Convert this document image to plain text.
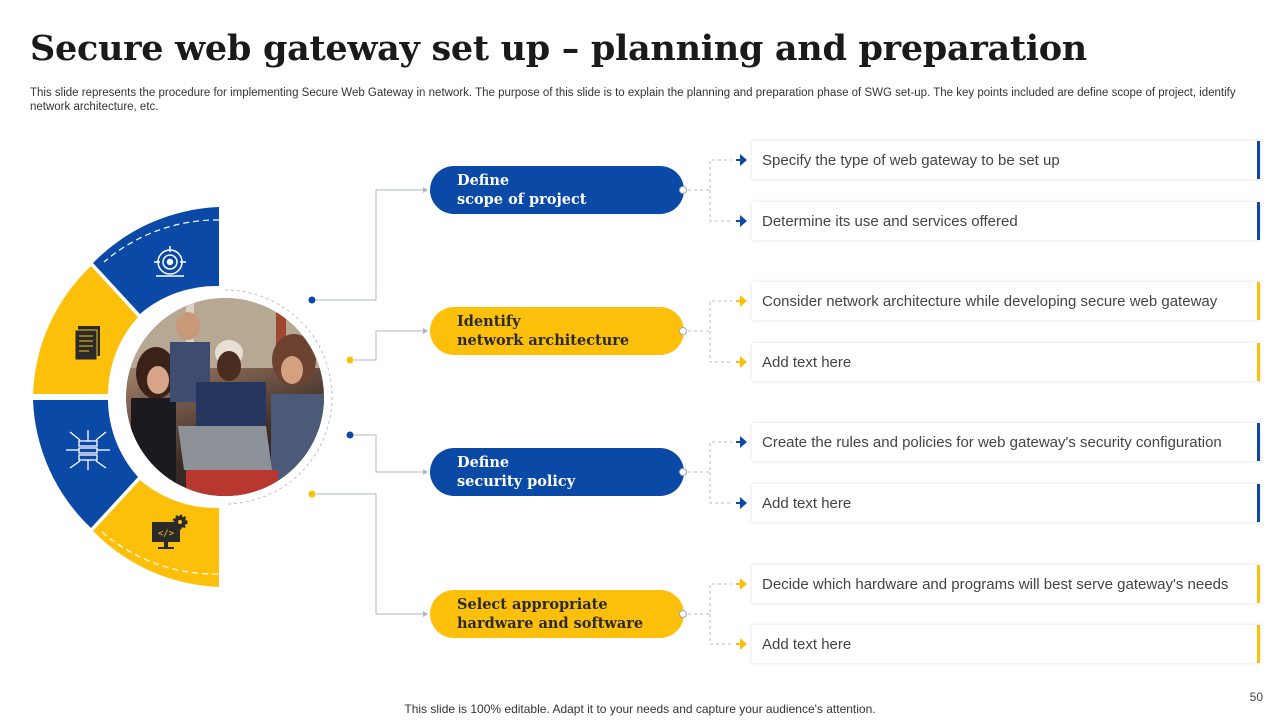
Secure web gateway set up – planning and preparation
This slide represents the procedure for implementing Secure Web Gateway in network. The purpose of this slide is to explain the planning and preparation phase of SWG set-up. The key points included are define scope of project, identify network architecture, etc.
</>
Define
scope of project
Identify
network architecture
Define
security policy
Select appropriate
hardware and software
Specify the type of web gateway to be set up
Determine its use and services offered
Consider network architecture while developing secure web gateway
Add text here
Create the rules and policies for web gateway's security configuration
Add text here
Decide which hardware and programs will best serve gateway's needs
Add text here
This slide is 100% editable. Adapt it to your needs and capture your audience's attention.
50
